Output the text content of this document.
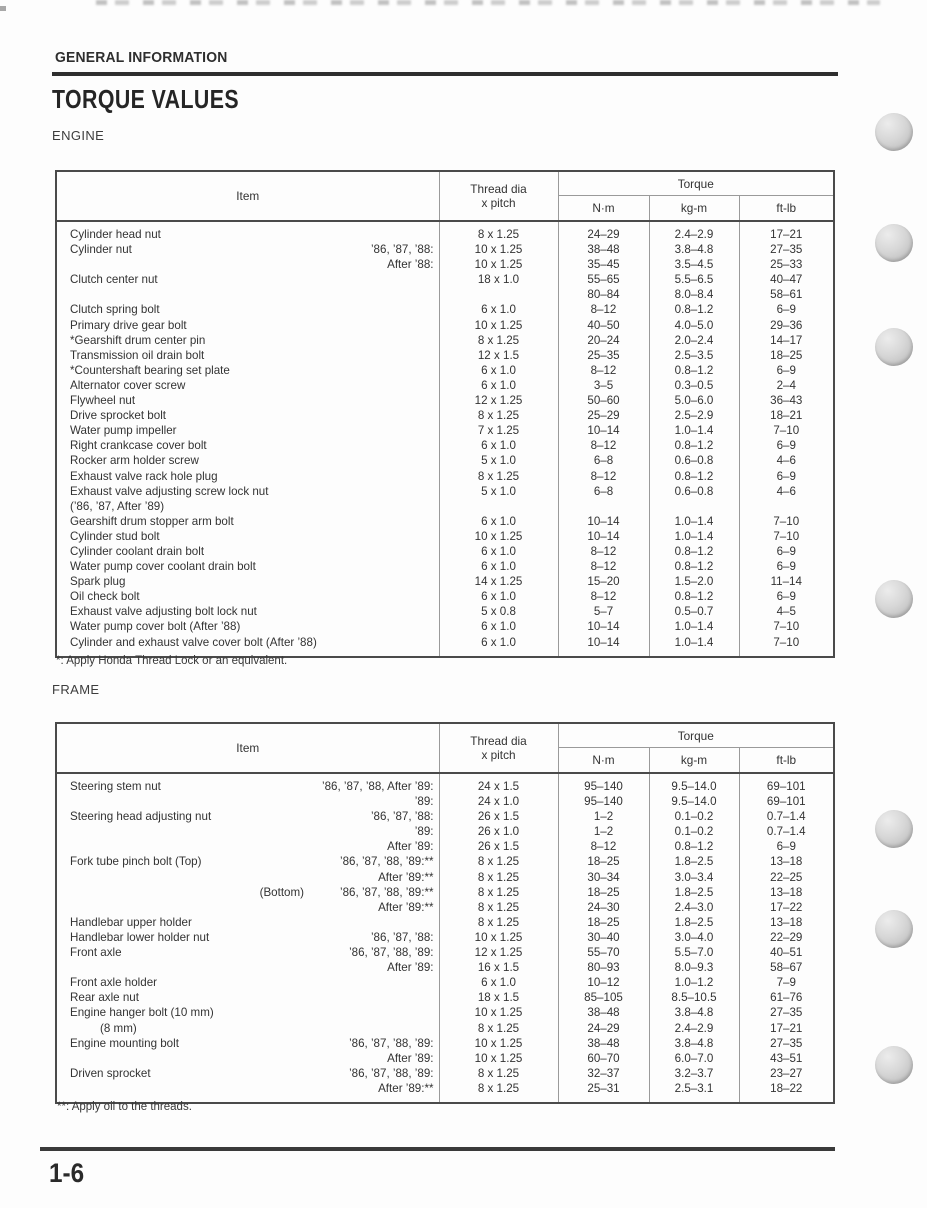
GENERAL INFORMATION
TORQUE VALUES
ENGINE
Item	Thread dia
x pitch	Torque		
		N·m	kg-m	ft-lb

Cylinder head nut	8 x 1.25	24–29	2.4–2.9	17–21

Cylinder nut ’86, ’87, ’88:	10 x 1.25	38–48	3.8–4.8	27–35

After ’88:	10 x 1.25	35–45	3.5–4.5	25–33

Clutch center nut	18 x 1.0	55–65	5.5–6.5	40–47

		80–84	8.0–8.4	58–61

Clutch spring bolt	6 x 1.0	8–12	0.8–1.2	6–9

Primary drive gear bolt	10 x 1.25	40–50	4.0–5.0	29–36

*Gearshift drum center pin	8 x 1.25	20–24	2.0–2.4	14–17

Transmission oil drain bolt	12 x 1.5	25–35	2.5–3.5	18–25

*Countershaft bearing set plate	6 x 1.0	8–12	0.8–1.2	6–9

Alternator cover screw	6 x 1.0	3–5	0.3–0.5	2–4

Flywheel nut	12 x 1.25	50–60	5.0–6.0	36–43

Drive sprocket bolt	8 x 1.25	25–29	2.5–2.9	18–21

Water pump impeller	7 x 1.25	10–14	1.0–1.4	7–10

Right crankcase cover bolt	6 x 1.0	8–12	0.8–1.2	6–9

Rocker arm holder screw	5 x 1.0	6–8	0.6–0.8	4–6

Exhaust valve rack hole plug	8 x 1.25	8–12	0.8–1.2	6–9

Exhaust valve adjusting screw lock nut
(’86, ’87, After ’89)	5 x 1.0	6–8	0.6–0.8	4–6

Gearshift drum stopper arm bolt	6 x 1.0	10–14	1.0–1.4	7–10

Cylinder stud bolt	10 x 1.25	10–14	1.0–1.4	7–10

Cylinder coolant drain bolt	6 x 1.0	8–12	0.8–1.2	6–9

Water pump cover coolant drain bolt	6 x 1.0	8–12	0.8–1.2	6–9

Spark plug	14 x 1.25	15–20	1.5–2.0	11–14

Oil check bolt	6 x 1.0	8–12	0.8–1.2	6–9

Exhaust valve adjusting bolt lock nut	5 x 0.8	5–7	0.5–0.7	4–5

Water pump cover bolt (After ’88)	6 x 1.0	10–14	1.0–1.4	7–10

Cylinder and exhaust valve cover bolt (After ’88)	6 x 1.0	10–14	1.0–1.4	7–10
*: Apply Honda Thread Lock or an equivalent.
FRAME
Item	Thread dia
x pitch	Torque		
		N·m	kg-m	ft-lb

Steering stem nut ’86, ’87, ’88, After ’89:	24 x 1.5	95–140	9.5–14.0	69–101

’89:	24 x 1.0	95–140	9.5–14.0	69–101

Steering head adjusting nut ’86, ’87, ’88:	26 x 1.5	1–2	0.1–0.2	0.7–1.4

’89:	26 x 1.0	1–2	0.1–0.2	0.7–1.4

After ’89:	26 x 1.5	8–12	0.8–1.2	6–9

Fork tube pinch bolt (Top) ’86, ’87, ’88, ’89:**	8 x 1.25	18–25	1.8–2.5	13–18

After ’89:**	8 x 1.25	30–34	3.0–3.4	22–25

(Bottom) ’86, ’87, ’88, ’89:**	8 x 1.25	18–25	1.8–2.5	13–18

After ’89:**	8 x 1.25	24–30	2.4–3.0	17–22

Handlebar upper holder	8 x 1.25	18–25	1.8–2.5	13–18

Handlebar lower holder nut ’86, ’87, ’88:	10 x 1.25	30–40	3.0–4.0	22–29

Front axle ’86, ’87, ’88, ’89:	12 x 1.25	55–70	5.5–7.0	40–51

After ’89:	16 x 1.5	80–93	8.0–9.3	58–67

Front axle holder	6 x 1.0	10–12	1.0–1.2	7–9

Rear axle nut	18 x 1.5	85–105	8.5–10.5	61–76

Engine hanger bolt (10 mm)	10 x 1.25	38–48	3.8–4.8	27–35

(8 mm)	8 x 1.25	24–29	2.4–2.9	17–21

Engine mounting bolt ’86, ’87, ’88, ’89:	10 x 1.25	38–48	3.8–4.8	27–35

After ’89:	10 x 1.25	60–70	6.0–7.0	43–51

Driven sprocket ’86, ’87, ’88, ’89:	8 x 1.25	32–37	3.2–3.7	23–27

After ’89:**	8 x 1.25	25–31	2.5–3.1	18–22
**: Apply oil to the threads.
1-6
